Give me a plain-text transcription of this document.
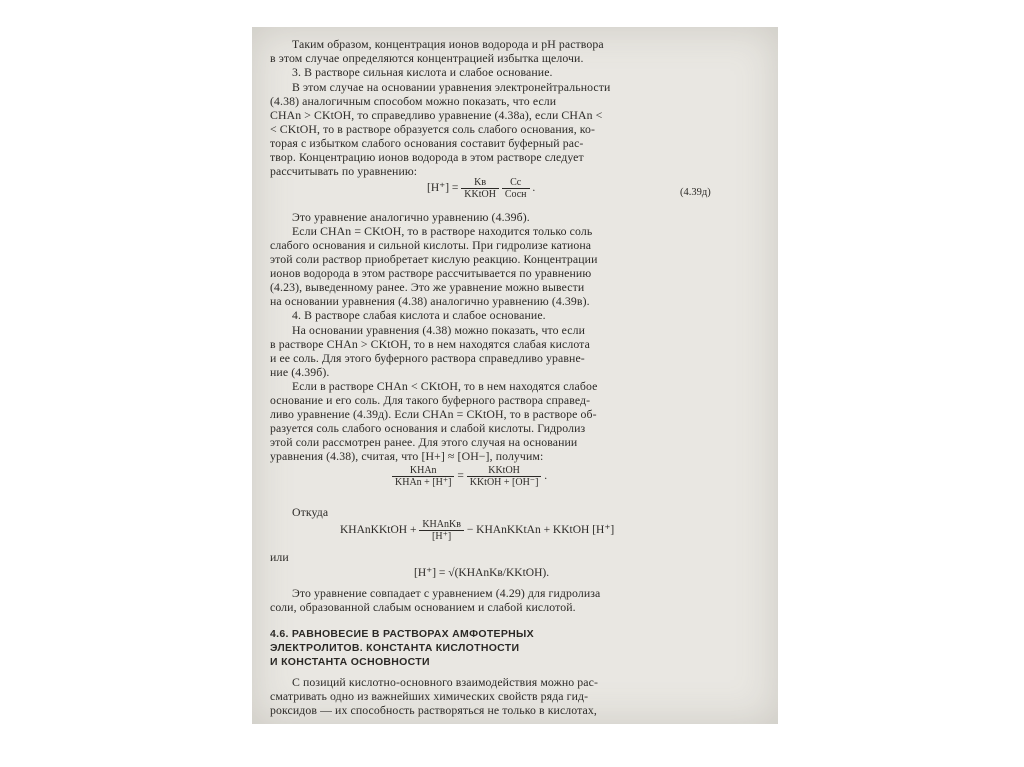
Таким образом, концентрация ионов водорода и pH раствора
в этом случае определяются концентрацией избытка щелочи.
3. В растворе сильная кислота и слабое основание.
В этом случае на основании уравнения электронейтральности
(4.38) аналогичным способом можно показать, что если
CHAn > CKtOH, то справедливо уравнение (4.38а), если CHAn <
< CKtOH, то в растворе образуется соль слабого основания, ко-
торая с избытком слабого основания составит буферный рас-
твор. Концентрацию ионов водорода в этом растворе следует
рассчитывать по уравнению:
$[H^+] = \frac{Kв}{\text{KKtOH}}$
$\frac{Cс}{\text{Cосн}}$ .	(4.39д)
Это уравнение аналогично уравнению (4.39б).
Если CHAn = CKtOH, то в растворе находится только соль
слабого основания и сильной кислоты. При гидролизе катиона
этой соли раствор приобретает кислую реакцию. Концентрации
ионов водорода в этом растворе рассчитывается по уравнению
(4.23), выведенному ранее. Это же уравнение можно вывести
на основании уравнения (4.38) аналогично уравнению (4.39в).
4. В растворе слабая кислота и слабое основание.
На основании уравнения (4.38) можно показать, что если
в растворе CHAn > CKtOH, то в нем находятся слабая кислота
и ее соль. Для этого буферного раствора справедливо уравне-
ние (4.39б).
Если в растворе CHAn < CKtOH, то в нем находятся слабое
основание и его соль. Для такого буферного раствора справед-
ливо уравнение (4.39д). Если CHAn = CKtOH, то в растворе об-
разуется соль слабого основания и слабой кислоты. Гидролиз
этой соли рассмотрен ранее. Для этого случая на основании
уравнения (4.38), считая, что [H+] ≈ [OH−], получим:
$\frac{\text{KHAn}}{\text{KHAn + [H⁺]}} = \frac{\text{KKtOH}}{\text{KKtOH + [OH⁻]}}$ .
Откуда
KHAnKKtOH + $\frac{\text{KHAnKв}}{[H^+]}$ − KHAnKKtAn + KKtOH [H⁺]
или
[H⁺] = √(KHAnKв/KKtOH).
Это уравнение совпадает с уравнением (4.29) для гидролиза
соли, образованной слабым основанием и слабой кислотой.
4.6. РАВНОВЕСИЕ В РАСТВОРАХ АМФОТЕРНЫХ
ЭЛЕКТРОЛИТОВ. КОНСТАНТА КИСЛОТНОСТИ
И КОНСТАНТА ОСНОВНОСТИ
С позиций кислотно-основного взаимодействия можно рас-
сматривать одно из важнейших химических свойств ряда гид-
роксидов — их способность растворяться не только в кислотах,
